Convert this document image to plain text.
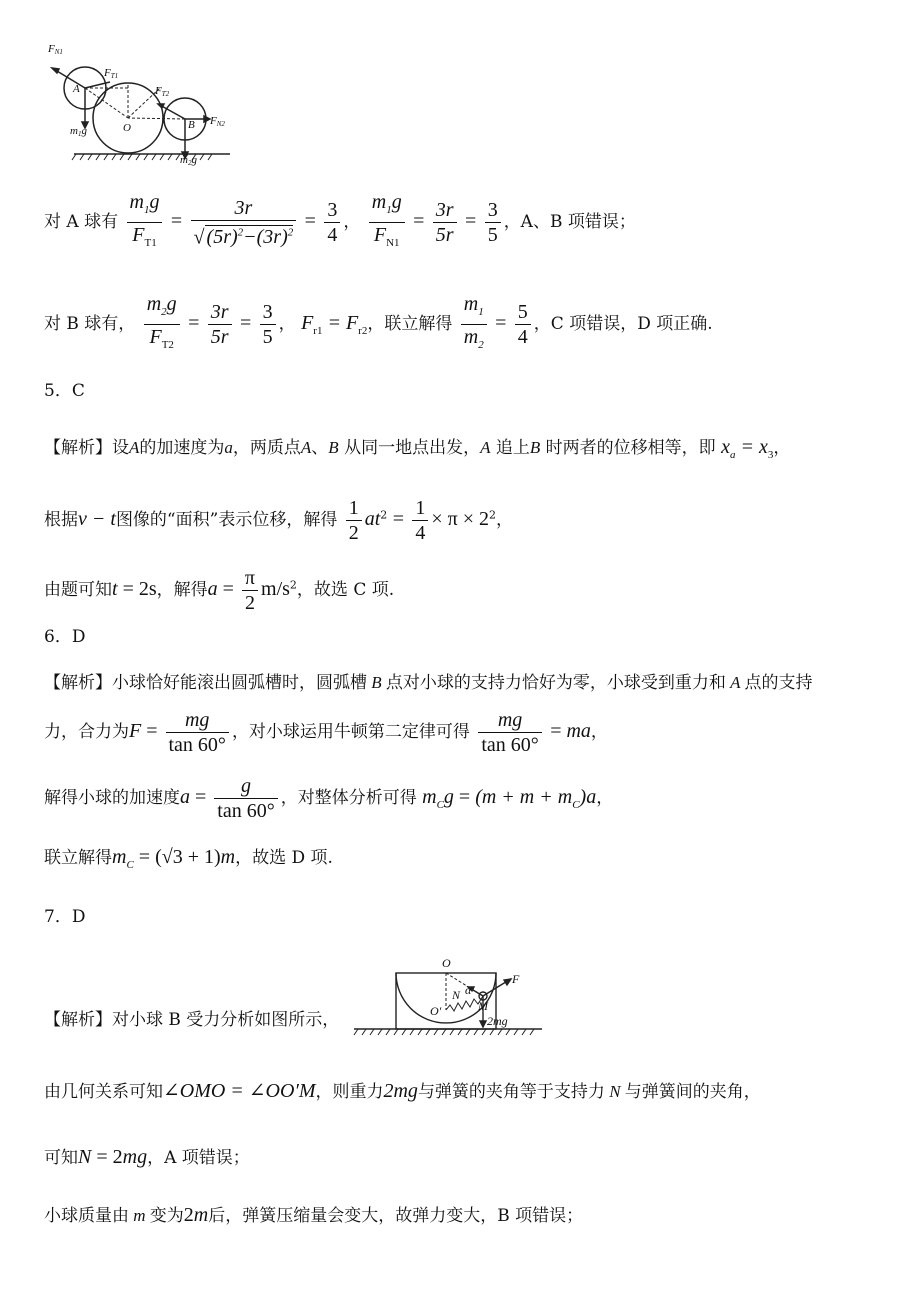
FN1
FT1
FT2
FN2
A
O	B
m1g
m2g
对 A 球有 $\frac{m_1g}{F_{T1}} = \frac{3r}{√ (5r)^2-(3r)^2} = \frac{3}{4}$ ， $\frac{m_1g}{F_{N1}} = \frac{3r}{5r} = \frac{3}{5}$ ，A、B 项错误；
对 B 球有， $\frac{m_2g}{F_{T2}} = \frac{3r}{5r} = \frac{3}{5}$ ， $F_{r1} = F_{r2}$，联立解得 $\frac{m_1}{m_2} = \frac{5}{4}$ ，C 项错误，D 项正确.
5．C
【解析】设A的加速度为a，两质点A、B 从同一地点出发，A 追上B 时两者的位移相等，即 $x_a = x_3$，
根据v − t图像的“面积”表示位移，解得 $\frac{1}{2} at^2 = \frac{1}{4} \times \pi \times 2^2$，
由题可知t = 2s，解得$a = \frac{\pi}{2} m/s^2$，故选 C 项.
6．D
【解析】小球恰好能滚出圆弧槽时，圆弧槽 B 点对小球的支持力恰好为零，小球受到重力和 A 点的支持
力，合力为$F = \frac{mg}{\tan 60^\circ}$ ，对小球运用牛顿第二定律可得 $\frac{mg}{\tan 60^\circ}$ = ma，
解得小球的加速度$a = \frac{g}{\tan 60^\circ}$ ，对整体分析可得 $m_Cg = (m + m + m_C)a$，
联立解得$m_C = (√3 + 1)m$，故选 D 项.
7．D
O
O′
N α
M
F
2mg
【解析】对小球 B 受力分析如图所示，
由几何关系可知∠OMO = ∠OO′M，则重力2mg与弹簧的夹角等于支持力 N 与弹簧间的夹角，
可知N = 2mg，A 项错误；
小球质量由 m 变为2m后，弹簧压缩量会变大，故弹力变大，B 项错误；
